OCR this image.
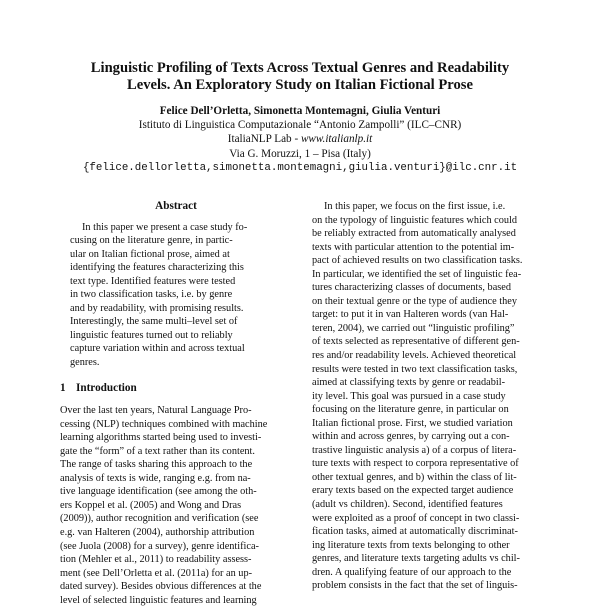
Linguistic Profiling of Texts Across Textual Genres and Readability
Levels. An Exploratory Study on Italian Fictional Prose
Felice Dell’Orletta, Simonetta Montemagni, Giulia Venturi
Istituto di Linguistica Computazionale “Antonio Zampolli” (ILC–CNR)
ItaliaNLP Lab - www.italianlp.it
Via G. Moruzzi, 1 – Pisa (Italy)
{felice.dellorletta,simonetta.montemagni,giulia.venturi}@ilc.cnr.it

Abstract

In this paper we present a case study fo-
cusing on the literature genre, in partic-
ular on Italian fictional prose, aimed at
identifying the features characterizing this
text type. Identified features were tested
in two classification tasks, i.e. by genre
and by readability, with promising results.
Interestingly, the same multi–level set of
linguistic features turned out to reliably
capture variation within and across textual
genres.

1 Introduction

Over the last ten years, Natural Language Pro-
cessing (NLP) techniques combined with machine
learning algorithms started being used to investi-
gate the “form” of a text rather than its content.
The range of tasks sharing this approach to the
analysis of texts is wide, ranging e.g. from na-
tive language identification (see among the oth-
ers Koppel et al. (2005) and Wong and Dras
(2009)), author recognition and verification (see
e.g. van Halteren (2004), authorship attribution
(see Juola (2008) for a survey), genre identifica-
tion (Mehler et al., 2011) to readability assess-
ment (see Dell’Orletta et al. (2011a) for an up-
dated survey). Besides obvious differences at the
level of selected linguistic features and learning
In this paper, we focus on the first issue, i.e.
on the typology of linguistic features which could
be reliably extracted from automatically analysed
texts with particular attention to the potential im-
pact of achieved results on two classification tasks.
In particular, we identified the set of linguistic fea-
tures characterizing classes of documents, based
on their textual genre or the type of audience they
target: to put it in van Halteren words (van Hal-
teren, 2004), we carried out “linguistic profiling”
of texts selected as representative of different gen-
res and/or readability levels. Achieved theoretical
results were tested in two text classification tasks,
aimed at classifying texts by genre or readabil-
ity level. This goal was pursued in a case study
focusing on the literature genre, in particular on
Italian fictional prose. First, we studied variation
within and across genres, by carrying out a con-
trastive linguistic analysis a) of a corpus of litera-
ture texts with respect to corpora representative of
other textual genres, and b) within the class of lit-
erary texts based on the expected target audience
(adult vs children). Second, identified features
were exploited as a proof of concept in two classi-
fication tasks, aimed at automatically discriminat-
ing literature texts from texts belonging to other
genres, and literature texts targeting adults vs chil-
dren. A qualifying feature of our approach to the
problem consists in the fact that the set of linguis-
